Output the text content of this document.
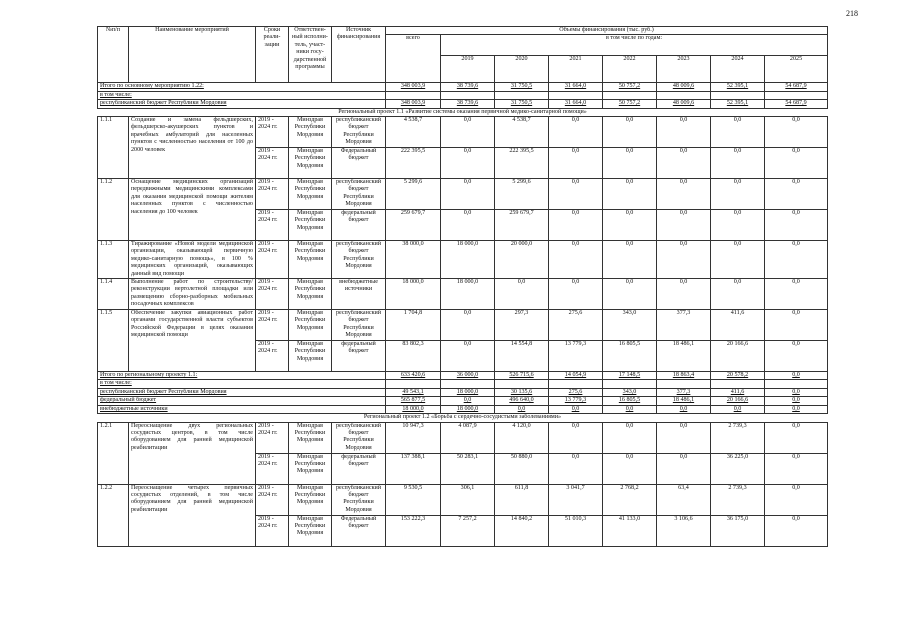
218
№п/п	Наименование мероприятий	Сроки реали- зации	Ответствен- ный исполни- тель, участ- ники госу- дарственной программы	Источник финансирования	Объемы финансирования (тыс. руб.)							
					всего	в том числе по годам:						
						2019	2020	2021	2022	2023	2024	2025
Итого по основному мероприятию 1.22:					348 003,9	38 739,6	31 750,5	31 664,0	50 757,2	48 009,6	52 395,1	54 687,9
в том числе:												
республиканский бюджет Республики Мордовия					348 003,9	38 739,6	31 750,5	31 664,0	50 757,2	48 009,6	52 395,1	54 687,9
Региональный проект 1.1 «Развитие системы оказания первичной медико-санитарной помощи»												
1.1.1	Создание и замена фельдшерских, фельдшерско-акушерских пунктов и врачебных амбулаторий для населенных пунктов с численностью населения от 100 до 2000 человек	2019 - 2024 гг.	Минздрав Республики Мордовия	республиканский бюджет Республики Мордовия	4 538,7	0,0	4 538,7	0,0	0,0	0,0	0,0	0,0
		2019 - 2024 гг.	Минздрав Республики Мордовия	Федеральный бюджет	222 395,5	0,0	222 395,5	0,0	0,0	0,0	0,0	0,0
1.1.2	Оснащение медицинских организаций передвижными медицинскими комплексами для оказания медицинской помощи жителям населенных пунктов с численностью населения до 100 человек	2019 - 2024 гг.	Минздрав Республики Мордовия	республиканский бюджет Республики Мордовия	5 299,6	0,0	5 299,6	0,0	0,0	0,0	0,0	0,0
		2019 - 2024 гг.	Минздрав Республики Мордовия	федеральный бюджет	259 679,7	0,0	259 679,7	0,0	0,0	0,0	0,0	0,0
1.1.3	Тиражирование «Новой модели медицинской организации, оказывающей первичную медико-санитарную помощь», в 100 % медицинских организаций, оказывающих данный вид помощи	2019 - 2024 гг.	Минздрав Республики Мордовия	республиканский бюджет Республики Мордовия	38 000,0	18 000,0	20 000,0	0,0	0,0	0,0	0,0	0,0
1.1.4	Выполнение работ по строительству/реконструкции вертолетной площадки или размещению сборно-разборных мобильных посадочных комплексов	2019 - 2024 гг.	Минздрав Республики Мордовия	внебюджетные источники	18 000,0	18 000,0	0,0	0,0	0,0	0,0	0,0	0,0
1.1.5	Обеспечение закупки авиационных работ органами государственной власти субъектов Российской Федерации в целях оказания медицинской помощи	2019 - 2024 гг.	Минздрав Республики Мордовия	республиканский бюджет Республики Мордовия	1 704,8	0,0	297,3	275,6	343,0	377,3	411,6	0,0
		2019 - 2024 гг.	Минздрав Республики Мордовия	федеральный бюджет	83 802,3	0,0	14 554,8	13 779,3	16 805,5	18 486,1	20 166,6	0,0
Итого по региональному проекту 1.1:					633 420,6	36 000,0	526 715,6	14 054,9	17 148,5	18 863,4	20 578,2	0,0
в том числе:												
республиканский бюджет Республики Мордовия					49 543,1	18 000,0	30 135,6	275,6	343,0	377,3	411,6	0,0
федеральный бюджет					565 877,5	0,0	496 640,0	13 779,3	16 805,5	18 486,1	20 166,6	0,0
внебюджетные источники					18 000,0	18 000,0	0,0	0,0	0,0	0,0	0,0	0,0
Региональный проект 1.2 «Борьба с сердечно-сосудистыми заболеваниями»												
1.2.1	Переоснащение двух региональных сосудистых центров, в том числе оборудованием для ранней медицинской реабилитации	2019 - 2024 гг.	Минздрав Республики Мордовия	республиканский бюджет Республики Мордовия	10 947,3	4 087,9	4 120,0	0,0	0,0	0,0	2 739,3	0,0
		2019 - 2024 гг.	Минздрав Республики Мордовия	федеральный бюджет	137 388,1	50 283,1	50 880,0	0,0	0,0	0,0	36 225,0	0,0
1.2.2	Переоснащение четырех первичных сосудистых отделений, в том числе оборудованием для ранней медицинской реабилитации	2019 - 2024 гг.	Минздрав Республики Мордовия	республиканский бюджет Республики Мордовия	9 530,5	306,1	611,8	3 041,7	2 768,2	63,4	2 739,3	0,0
		2019 - 2024 гг.	Минздрав Республики Мордовия	Федеральный бюджет	153 222,3	7 257,2	14 840,2	51 010,3	41 133,0	3 106,6	36 175,0	0,0
